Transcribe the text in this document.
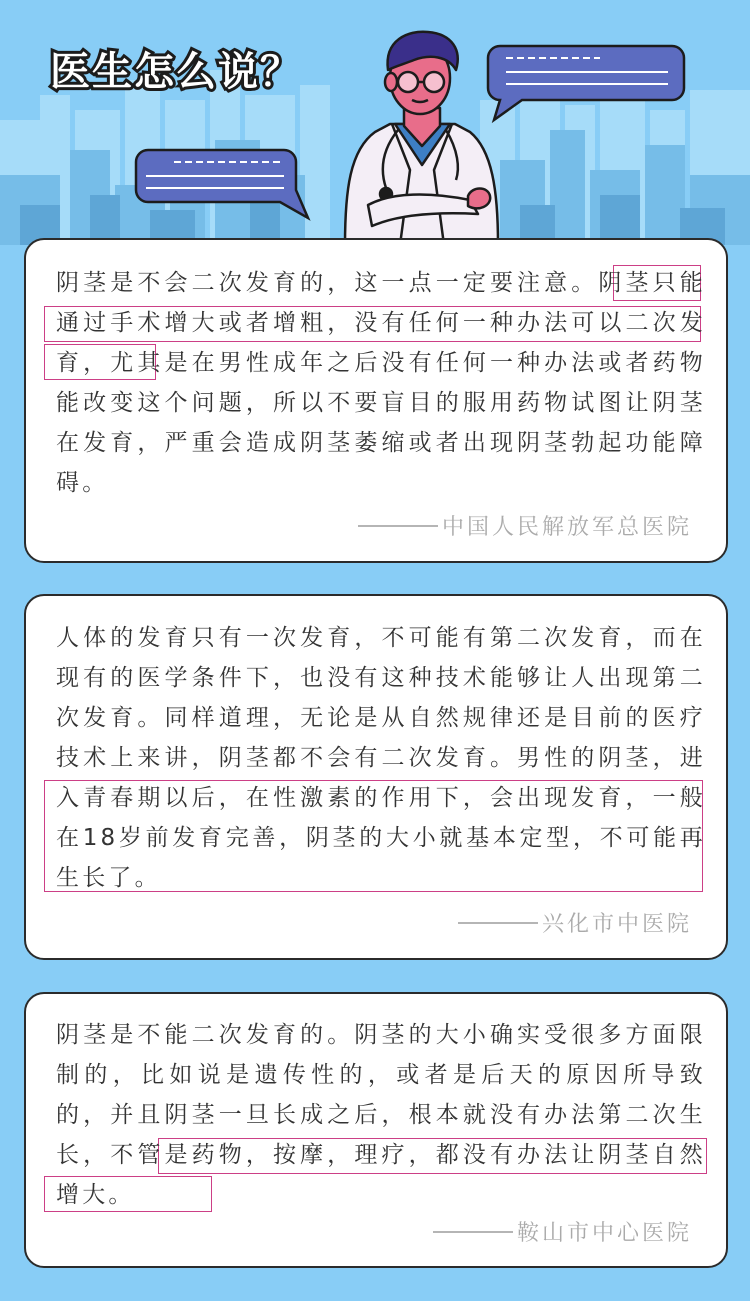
医生怎么说？
阴茎是不会二次发育的，这一点一定要注意。阴茎只能通过手术增大或者增粗，没有任何一种办法可以二次发育，尤其是在男性成年之后没有任何一种办法或者药物能改变这个问题，所以不要盲目的服用药物试图让阴茎在发育，严重会造成阴茎萎缩或者出现阴茎勃起功能障碍。
中国人民解放军总医院
人体的发育只有一次发育，不可能有第二次发育，而在现有的医学条件下，也没有这种技术能够让人出现第二次发育。同样道理，无论是从自然规律还是目前的医疗技术上来讲，阴茎都不会有二次发育。男性的阴茎，进入青春期以后，在性激素的作用下，会出现发育，一般在18岁前发育完善，阴茎的大小就基本定型，不可能再生长了。
兴化市中医院
阴茎是不能二次发育的。阴茎的大小确实受很多方面限制的，比如说是遗传性的，或者是后天的原因所导致的，并且阴茎一旦长成之后，根本就没有办法第二次生长，不管是药物，按摩，理疗，都没有办法让阴茎自然增大。
鞍山市中心医院
